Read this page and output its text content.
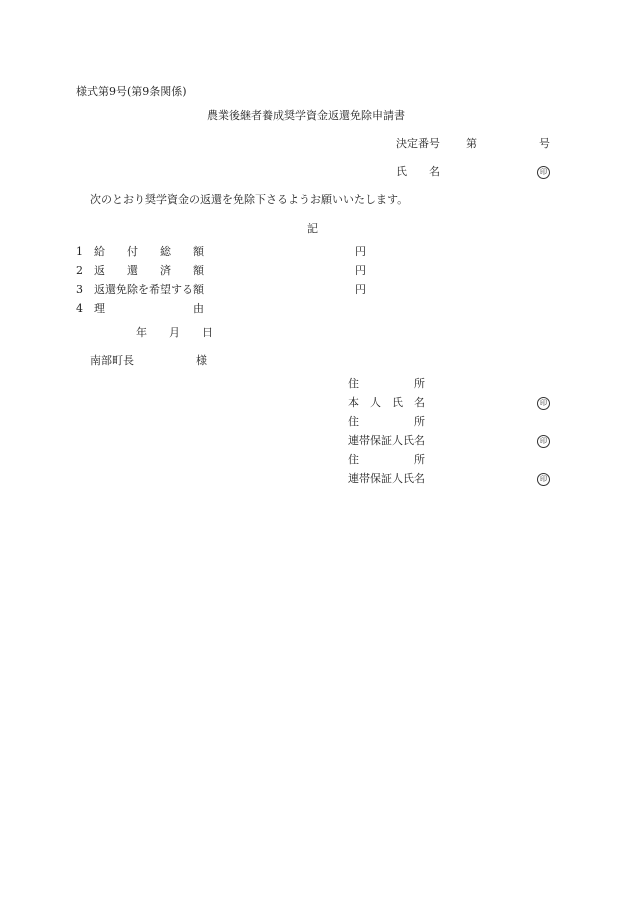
様式第9号(第9条関係)
農業後継者養成奨学資金返還免除申請書
決定番号 第	号
氏　　名	印
次のとおり奨学資金の返還を免除下さるようお願いいたします。
記
1 給　　付　　総　　額	円
2 返　　還　　済　　額	円
3 返還免除を希望する額	円
4 理　　　　　　　　由
年　　月　　日
南部町長	様
住　　　　　所
本　人　氏　名	印
住　　　　　所
連帯保証人氏名	印
住　　　　　所
連帯保証人氏名	印
